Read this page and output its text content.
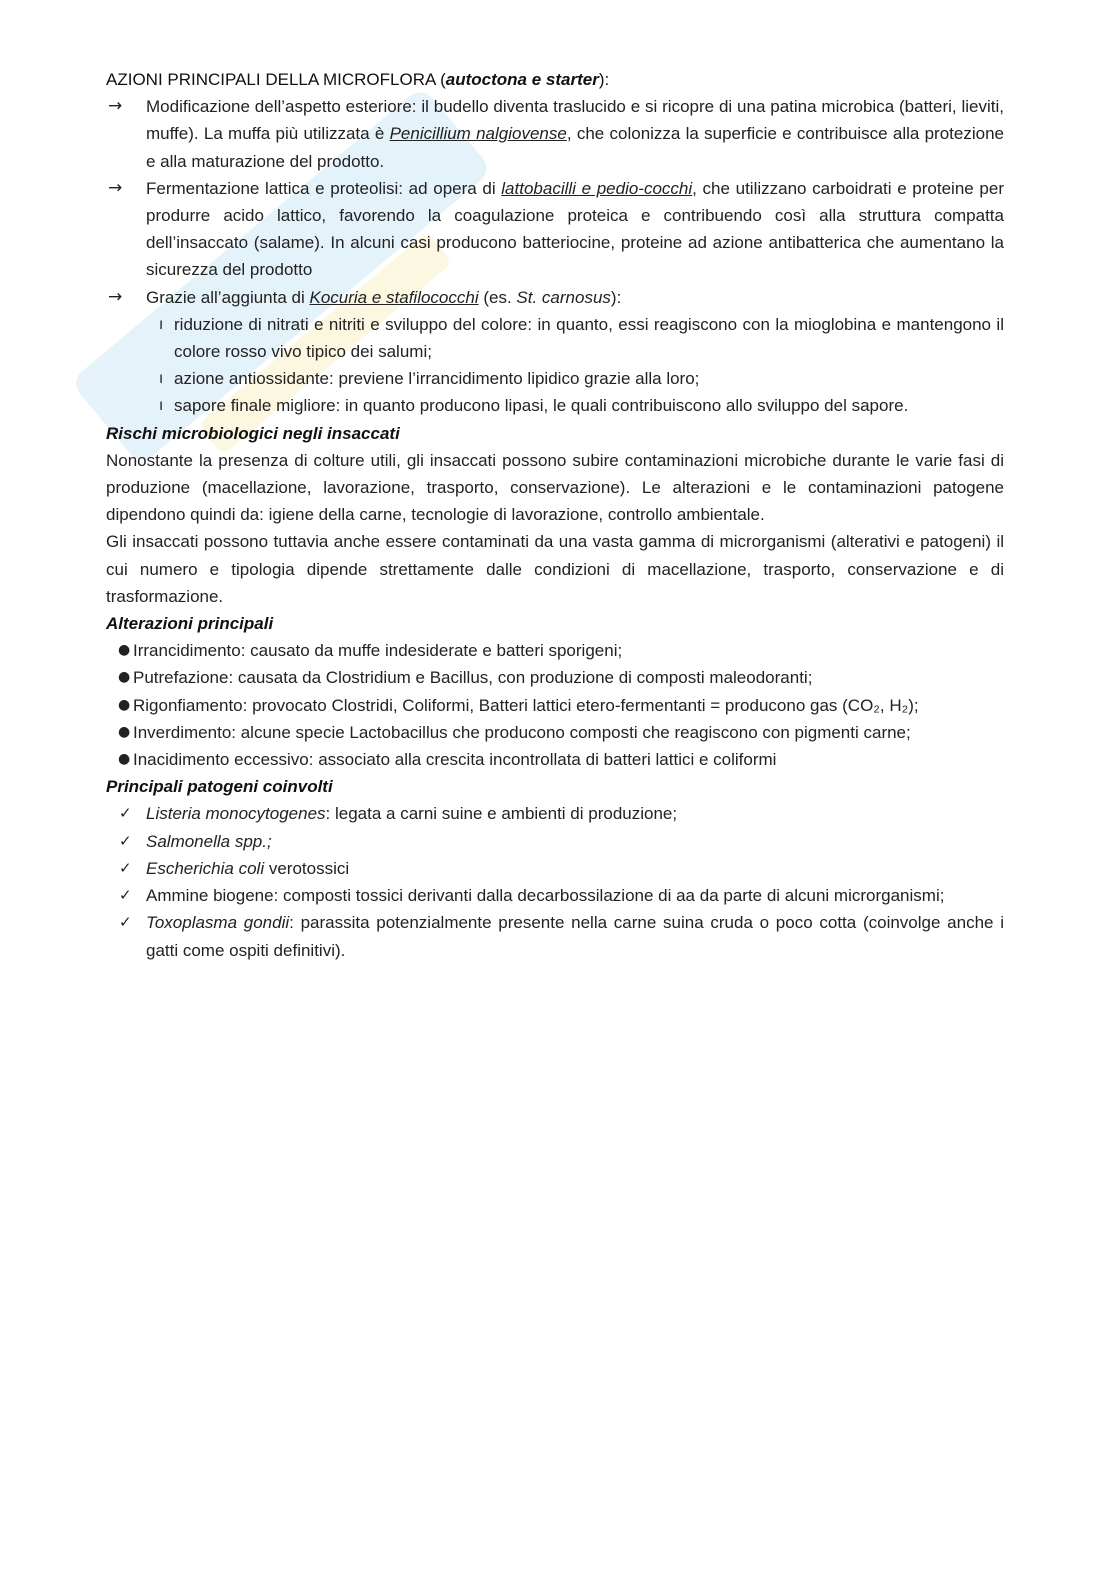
AZIONI PRINCIPALI DELLA MICROFLORA (autoctona e starter):

→ Modificazione dell’aspetto esteriore: il budello diventa traslucido e si ricopre di una patina microbica (batteri, lieviti, muffe). La muffa più utilizzata è Penicillium nalgiovense, che colonizza la superficie e contribuisce alla protezione e alla maturazione del prodotto.
→ Fermentazione lattica e proteolisi: ad opera di lattobacilli e pedio-cocchi, che utilizzano carboidrati e proteine per produrre acido lattico, favorendo la coagulazione proteica e contribuendo così alla struttura compatta dell’insaccato (salame). In alcuni casi producono batteriocine, proteine ad azione antibatterica che aumentano la sicurezza del prodotto
→ Grazie all’aggiunta di Kocuria e stafilococchi (es. St. carnosus):
ı riduzione di nitrati e nitriti e sviluppo del colore: in quanto, essi reagiscono con la mioglobina e mantengono il colore rosso vivo tipico dei salumi;
ı azione antiossidante: previene l’irrancidimento lipidico grazie alla loro;
ı sapore finale migliore: in quanto producono lipasi, le quali contribuiscono allo sviluppo del sapore.

Rischi microbiologici negli insaccati

Nonostante la presenza di colture utili, gli insaccati possono subire contaminazioni microbiche durante le varie fasi di produzione (macellazione, lavorazione, trasporto, conservazione). Le alterazioni e le contaminazioni patogene dipendono quindi da: igiene della carne, tecnologie di lavorazione, controllo ambientale.

Gli insaccati possono tuttavia anche essere contaminati da una vasta gamma di microrganismi (alterativi e patogeni) il cui numero e tipologia dipende strettamente dalle condizioni di macellazione, trasporto, conservazione e di trasformazione.

Alterazioni principali

● Irrancidimento: causato da muffe indesiderate e batteri sporigeni;
● Putrefazione: causata da Clostridium e Bacillus, con produzione di composti maleodoranti;
● Rigonfiamento: provocato Clostridi, Coliformi, Batteri lattici etero-fermentanti = producono gas (CO₂, H₂);
● Inverdimento: alcune specie Lactobacillus che producono composti che reagiscono con pigmenti carne;
● Inacidimento eccessivo: associato alla crescita incontrollata di batteri lattici e coliformi

Principali patogeni coinvolti

✓ Listeria monocytogenes: legata a carni suine e ambienti di produzione;
✓ Salmonella spp.;
✓ Escherichia coli verotossici
✓ Ammine biogene: composti tossici derivanti dalla decarbossilazione di aa da parte di alcuni microrganismi;
✓ Toxoplasma gondii: parassita potenzialmente presente nella carne suina cruda o poco cotta (coinvolge anche i gatti come ospiti definitivi).
